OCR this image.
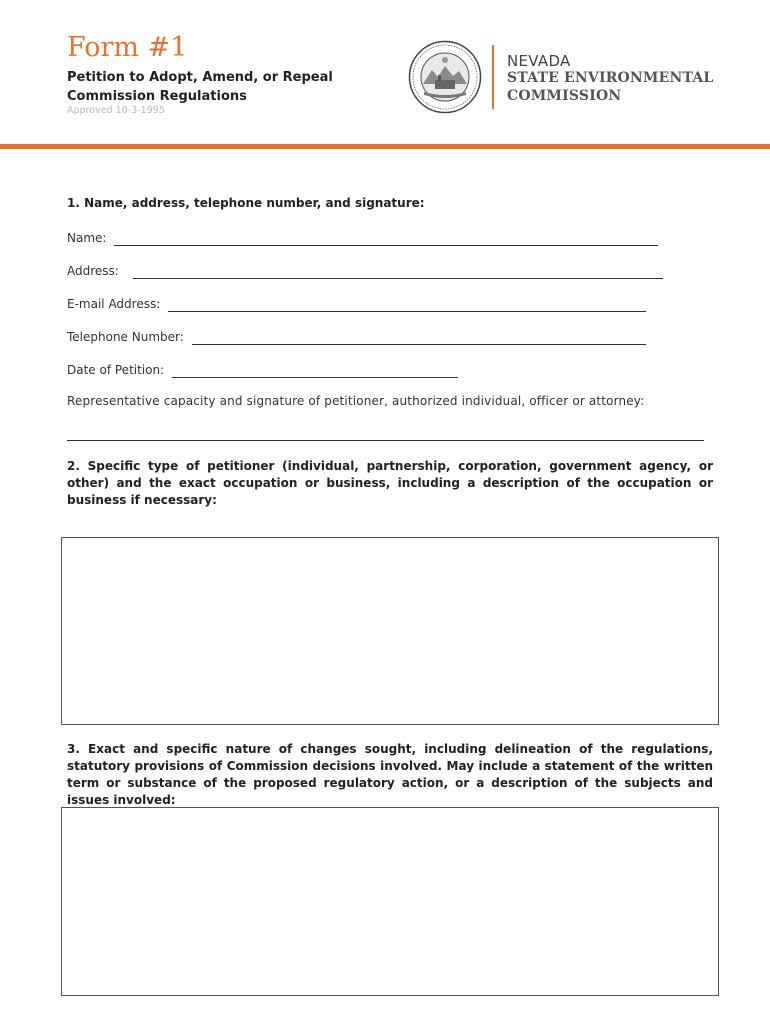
Form #1
Petition to Adopt, Amend, or Repeal Commission Regulations
Approved 10-3-1995
NEVADA
STATE ENVIRONMENTAL
COMMISSION
1. Name, address, telephone number, and signature:
Name:
Address:
E-mail Address:
Telephone Number:
Date of Petition:
Representative capacity and signature of petitioner, authorized individual, officer or attorney:
2. Specific type of petitioner (individual, partnership, corporation, government agency, or other) and the exact occupation or business, including a description of the occupation or business if necessary:
3. Exact and specific nature of changes sought, including delineation of the regulations, statutory provisions of Commission decisions involved. May include a statement of the written term or substance of the proposed regulatory action, or a description of the subjects and issues involved:
